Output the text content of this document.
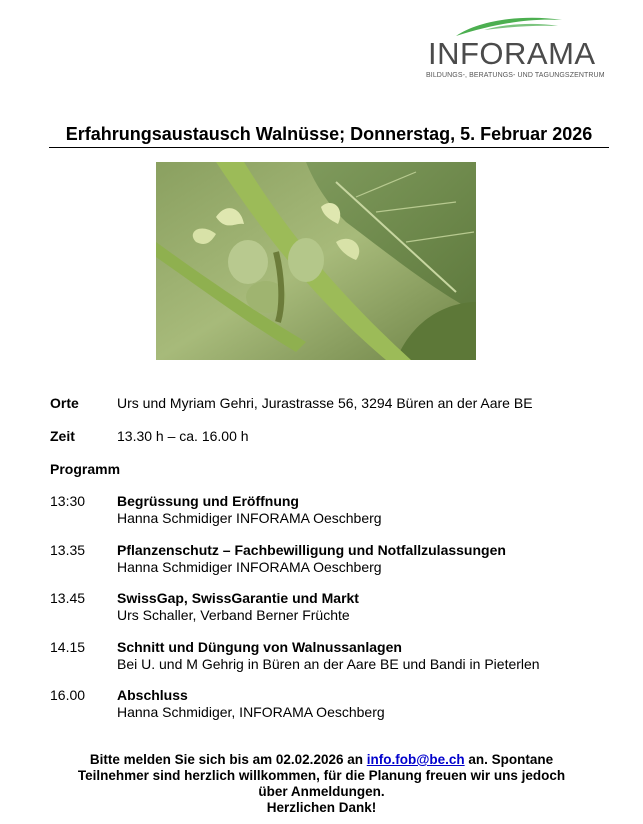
INFORAMA
BILDUNGS-, BERATUNGS- UND TAGUNGSZENTRUM
Erfahrungsaustausch Walnüsse; Donnerstag, 5. Februar 2026
Orte	Urs und Myriam Gehri, Jurastrasse 56, 3294 Büren an der Aare BE
Zeit	13.30 h – ca. 16.00 h
Programm
13:30 Begrüssung und Eröffnung
Hanna Schmidiger INFORAMA Oeschberg
13.35 Pflanzenschutz – Fachbewilligung und Notfallzulassungen
Hanna Schmidiger INFORAMA Oeschberg
13.45 SwissGap, SwissGarantie und Markt
Urs Schaller, Verband Berner Früchte
14.15 Schnitt und Düngung von Walnussanlagen
Bei U. und M Gehrig in Büren an der Aare BE und Bandi in Pieterlen
16.00 Abschluss
Hanna Schmidiger, INFORAMA Oeschberg
Bitte melden Sie sich bis am 02.02.2026 an info.fob@be.ch an. Spontane
Teilnehmer sind herzlich willkommen, für die Planung freuen wir uns jedoch
über Anmeldungen.
Herzlichen Dank!
